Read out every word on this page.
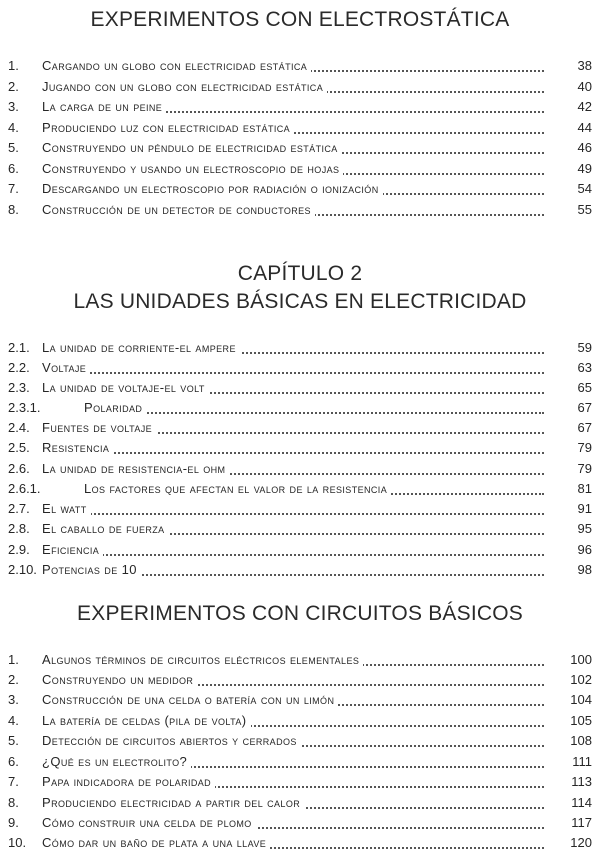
EXPERIMENTOS CON ELECTROSTÁTICA
1.	cargando un globo con electricidad estática	38
2.	jugando con un globo con electricidad estática	40
3.	la carga de un peine	42
4.	produciendo luz con electricidad estática	44
5.	construyendo un péndulo de electricidad estática	46
6.	construyendo y usando un electroscopio de hojas	49
7.	descargando un electroscopio por radiación o ionización	54
8.	construcción de un detector de conductores	55
CAPÍTULO 2
LAS UNIDADES BÁSICAS EN ELECTRICIDAD
2.1. la unidad de corriente-el ampere	59
2.2. voltaje	63
2.3. la unidad de voltaje-el volt	65
2.3.1.	polaridad	67
2.4. fuentes de voltaje	67
2.5. resistencia	79
2.6. la unidad de resistencia-el ohm	79
2.6.1.	los factores que afectan el valor de la resistencia	81
2.7. el watt	91
2.8. el caballo de fuerza	95
2.9. eficiencia	96
2.10. potencias de 10	98
EXPERIMENTOS CON CIRCUITOS BÁSICOS
1.	algunos términos de circuitos eléctricos elementales	100
2.	construyendo un medidor	102
3.	construcción de una celda o batería con un limón	104
4.	la batería de celdas (pila de volta)	105
5.	detección de circuitos abiertos y cerrados	108
6.	¿qué es un electrolito?	111
7.	papa indicadora de polaridad	113
8.	produciendo electricidad a partir del calor	114
9.	cómo construir una celda de plomo	117
10.	cómo dar un baño de plata a una llave	120
